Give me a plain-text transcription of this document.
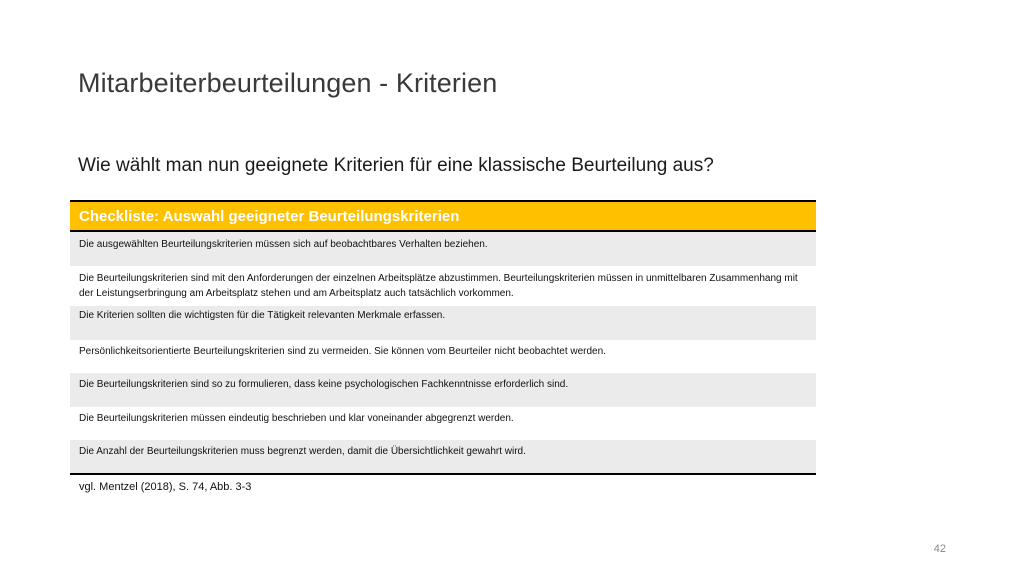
Mitarbeiterbeurteilungen - Kriterien
Wie wählt man nun geeignete Kriterien für eine klassische Beurteilung aus?
Checkliste: Auswahl geeigneter Beurteilungskriterien
Die ausgewählten Beurteilungskriterien müssen sich auf beobachtbares Verhalten beziehen.
Die Beurteilungskriterien sind mit den Anforderungen der einzelnen Arbeitsplätze abzustimmen. Beurteilungskriterien müssen in unmittelbaren Zusammenhang mit der Leistungserbringung am Arbeitsplatz stehen und am Arbeitsplatz auch tatsächlich vorkommen.
Die Kriterien sollten die wichtigsten für die Tätigkeit relevanten Merkmale erfassen.
Persönlichkeitsorientierte Beurteilungskriterien sind zu vermeiden. Sie können vom Beurteiler nicht beobachtet werden.
Die Beurteilungskriterien sind so zu formulieren, dass keine psychologischen Fachkenntnisse erforderlich sind.
Die Beurteilungskriterien müssen eindeutig beschrieben und klar voneinander abgegrenzt werden.
Die Anzahl der Beurteilungskriterien muss begrenzt werden, damit die Übersichtlichkeit gewahrt wird.
vgl. Mentzel (2018), S. 74, Abb. 3-3
42
